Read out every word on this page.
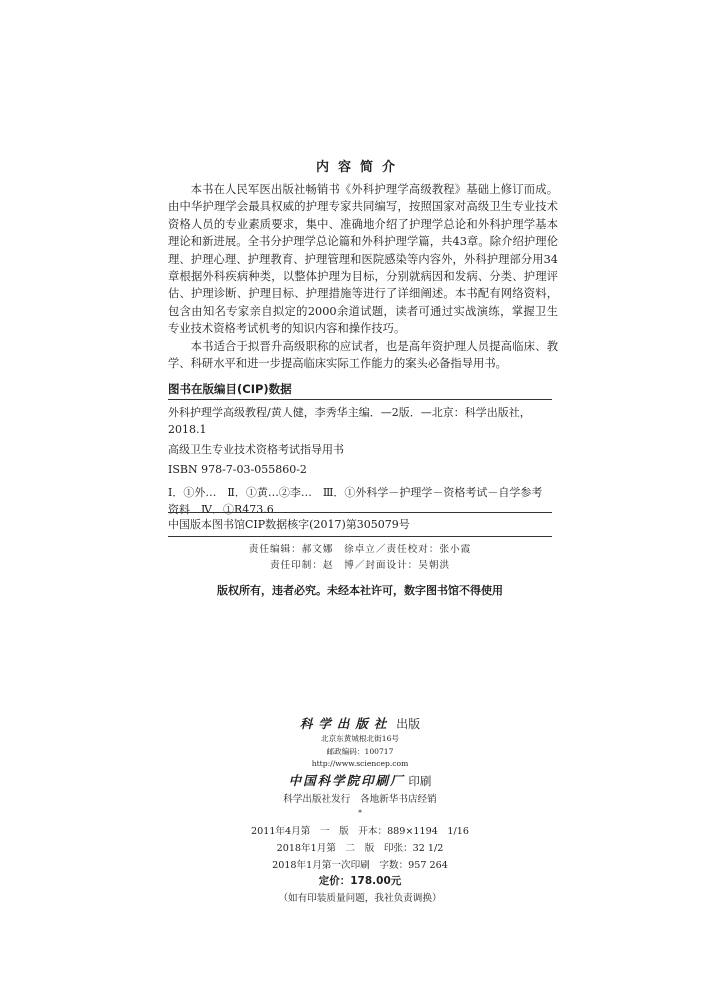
内容简介

本书在人民军医出版社畅销书《外科护理学高级教程》基础上修订而成。由中华护理学会最具权威的护理专家共同编写，按照国家对高级卫生专业技术资格人员的专业素质要求，集中、准确地介绍了护理学总论和外科护理学基本理论和新进展。全书分护理学总论篇和外科护理学篇，共43章。除介绍护理伦理、护理心理、护理教育、护理管理和医院感染等内容外，外科护理部分用34章根据外科疾病种类，以整体护理为目标，分别就病因和发病、分类、护理评估、护理诊断、护理目标、护理措施等进行了详细阐述。本书配有网络资料，包含由知名专家亲自拟定的2000余道试题，读者可通过实战演练，掌握卫生专业技术资格考试机考的知识内容和操作技巧。

本书适合于拟晋升高级职称的应试者，也是高年资护理人员提高临床、教学、科研水平和进一步提高临床实际工作能力的案头必备指导用书。

图书在版编目(CIP)数据
外科护理学高级教程/黄人健，李秀华主编．—2版．—北京：科学出版社，2018.1
高级卫生专业技术资格考试指导用书
ISBN 978-7-03-055860-2
Ⅰ．①外…　Ⅱ．①黄…②李…　Ⅲ．①外科学－护理学－资格考试－自学参考资料　Ⅳ．①R473.6
中国版本图书馆CIP数据核字(2017)第305079号
责任编辑：郝文娜　徐卓立／责任校对：张小霞
责任印制：赵　博／封面设计：吴朝洪
版权所有，违者必究。未经本社许可，数字图书馆不得使用
科学出版社 出版
北京东黄城根北街16号
邮政编码：100717
http://www.sciencep.com
中国科学院印刷厂 印刷
科学出版社发行　各地新华书店经销
*
2011年4月第　一　版　开本：889×1194　1/16
2018年1月第　二　版　印张：32 1/2
2018年1月第一次印刷　字数：957 264
定价：178.00元
（如有印装质量问题，我社负责调换）
